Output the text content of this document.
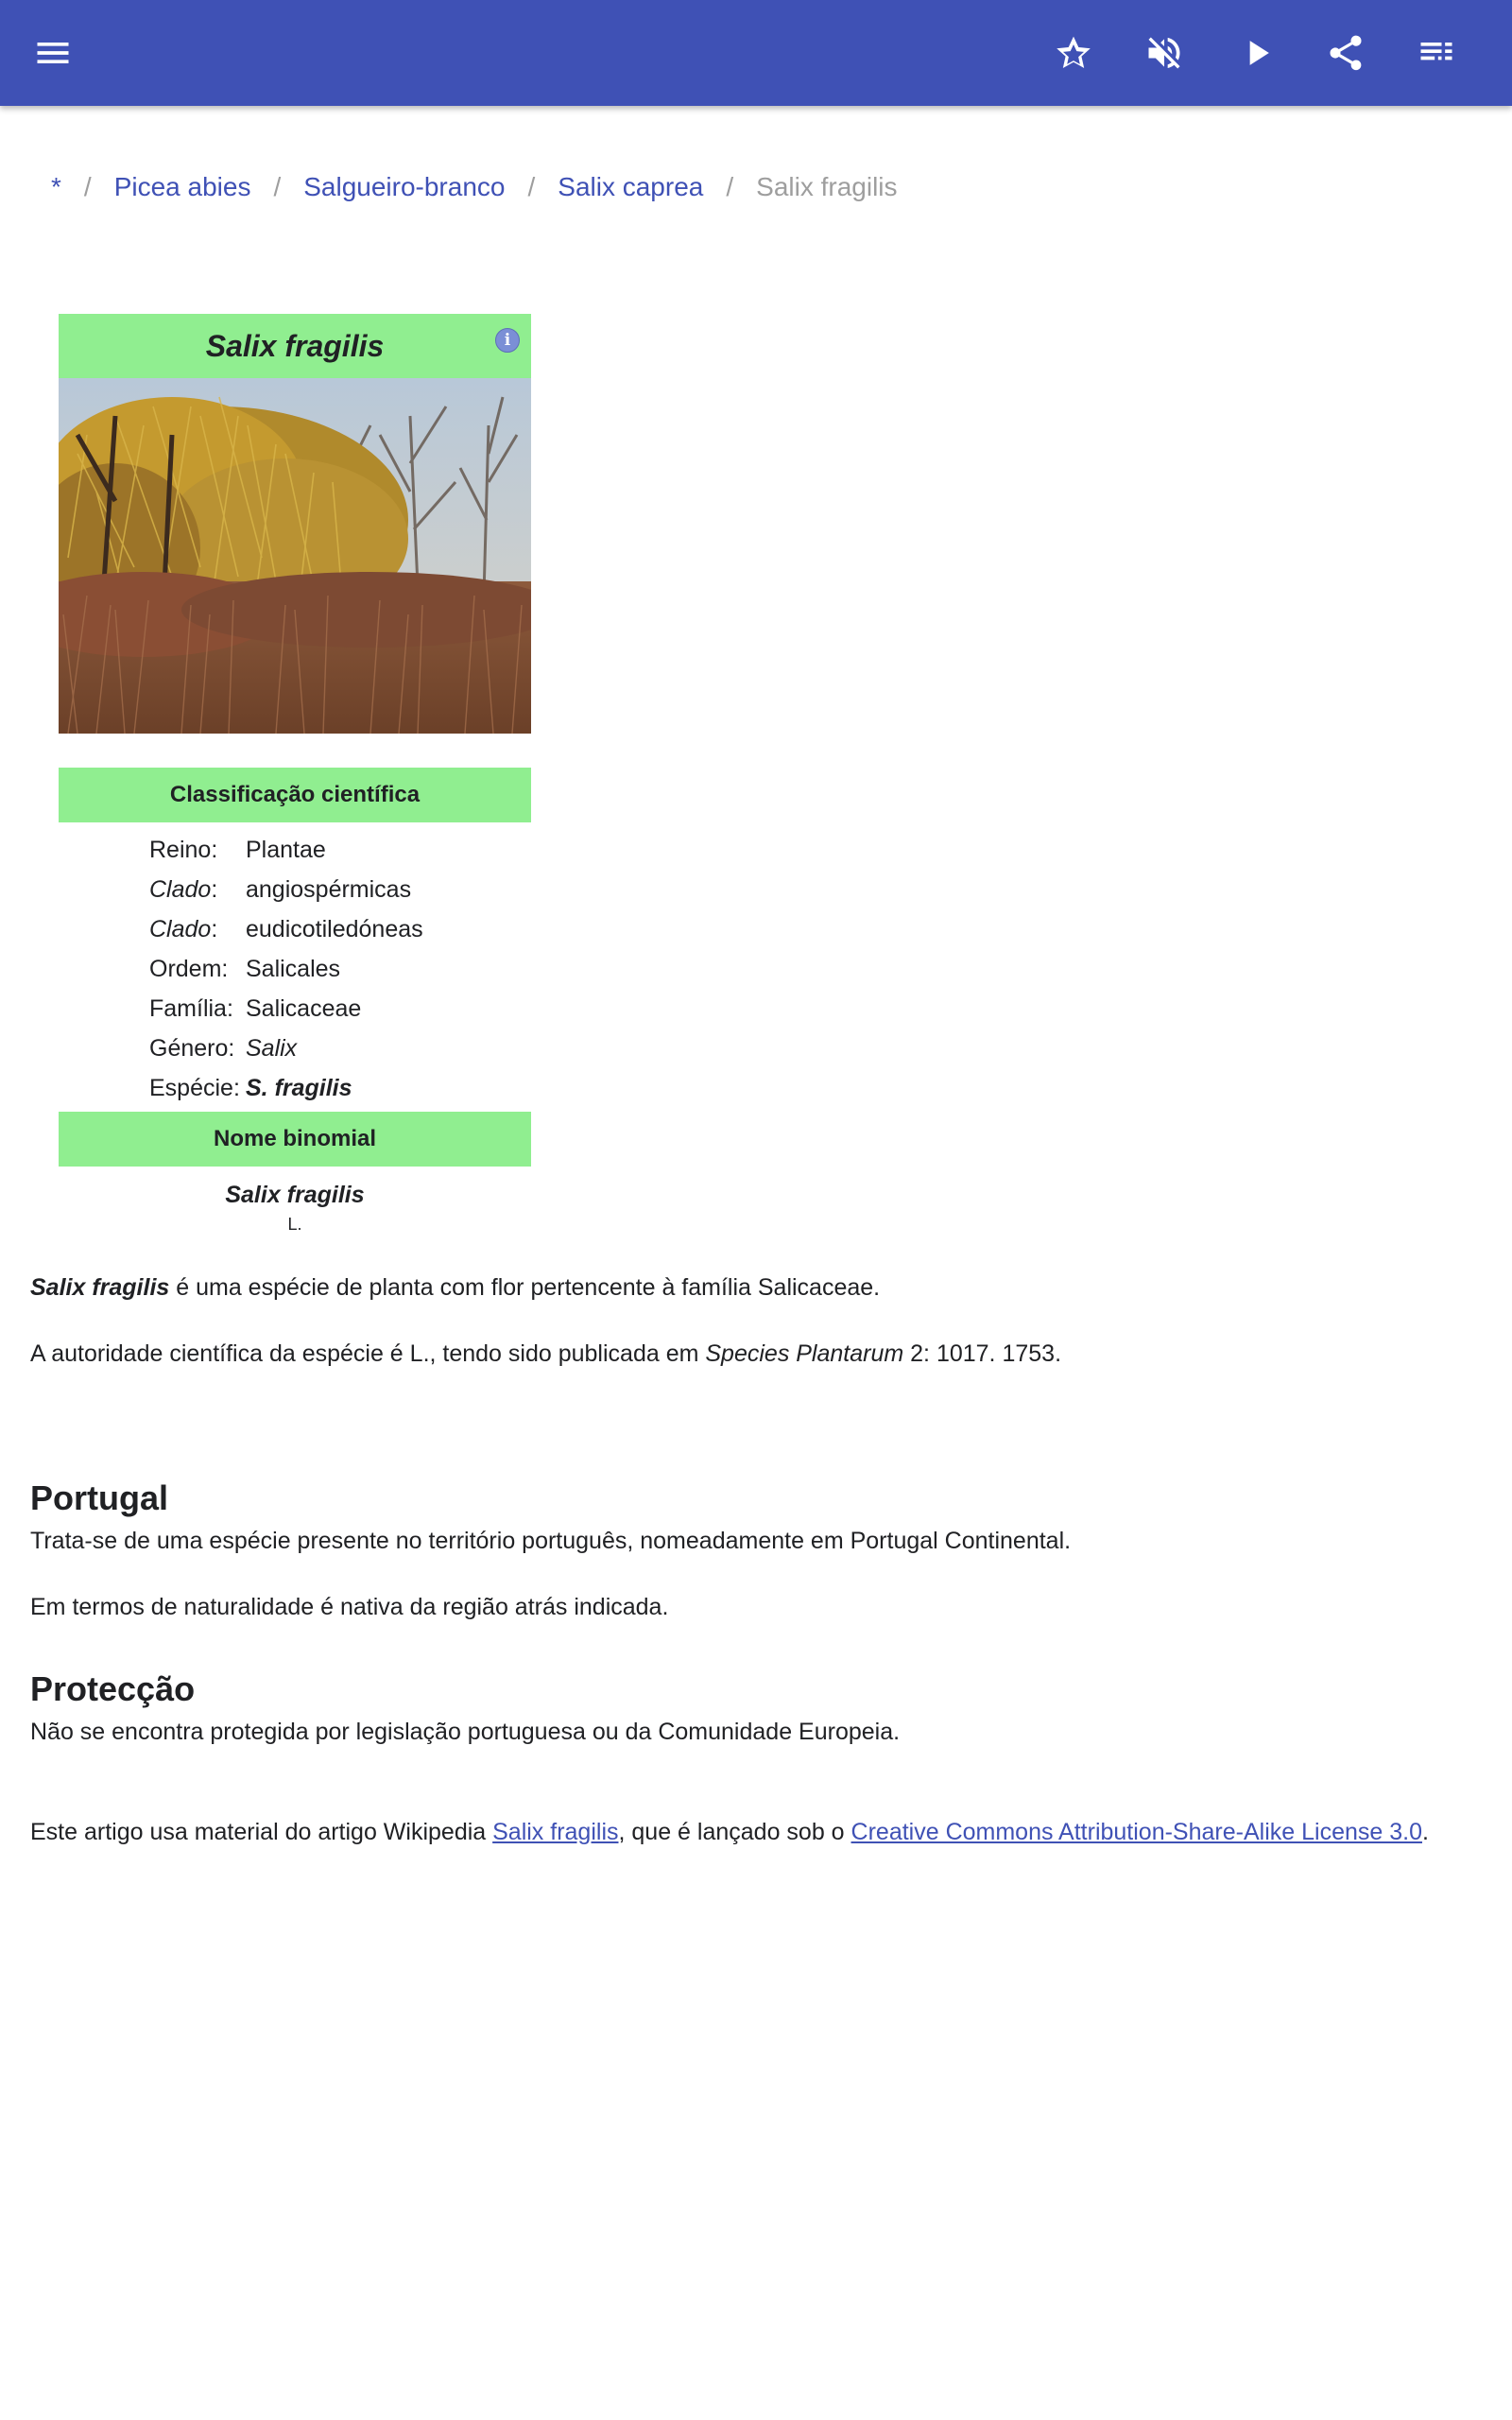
* / Picea abies / Salgueiro-branco / Salix caprea / Salix fragilis
Salix fragilis	i
Classificação científica
Reino:	Plantae
Clado:	angiospérmicas
Clado:	eudicotiledóneas
Ordem: Salicales
Família: Salicaceae
Género: Salix
Espécie: S. fragilis
Nome binomial
Salix fragilis
L.

Salix fragilis é uma espécie de planta com flor pertencente à família Salicaceae.

A autoridade científica da espécie é L., tendo sido publicada em Species Plantarum 2: 1017. 1753.

Portugal

Trata-se de uma espécie presente no território português, nomeadamente em Portugal Continental.

Em termos de naturalidade é nativa da região atrás indicada.

Protecção

Não se encontra protegida por legislação portuguesa ou da Comunidade Europeia.

Este artigo usa material do artigo Wikipedia Salix fragilis, que é lançado sob o Creative Commons Attribution-Share-Alike License 3.0.
